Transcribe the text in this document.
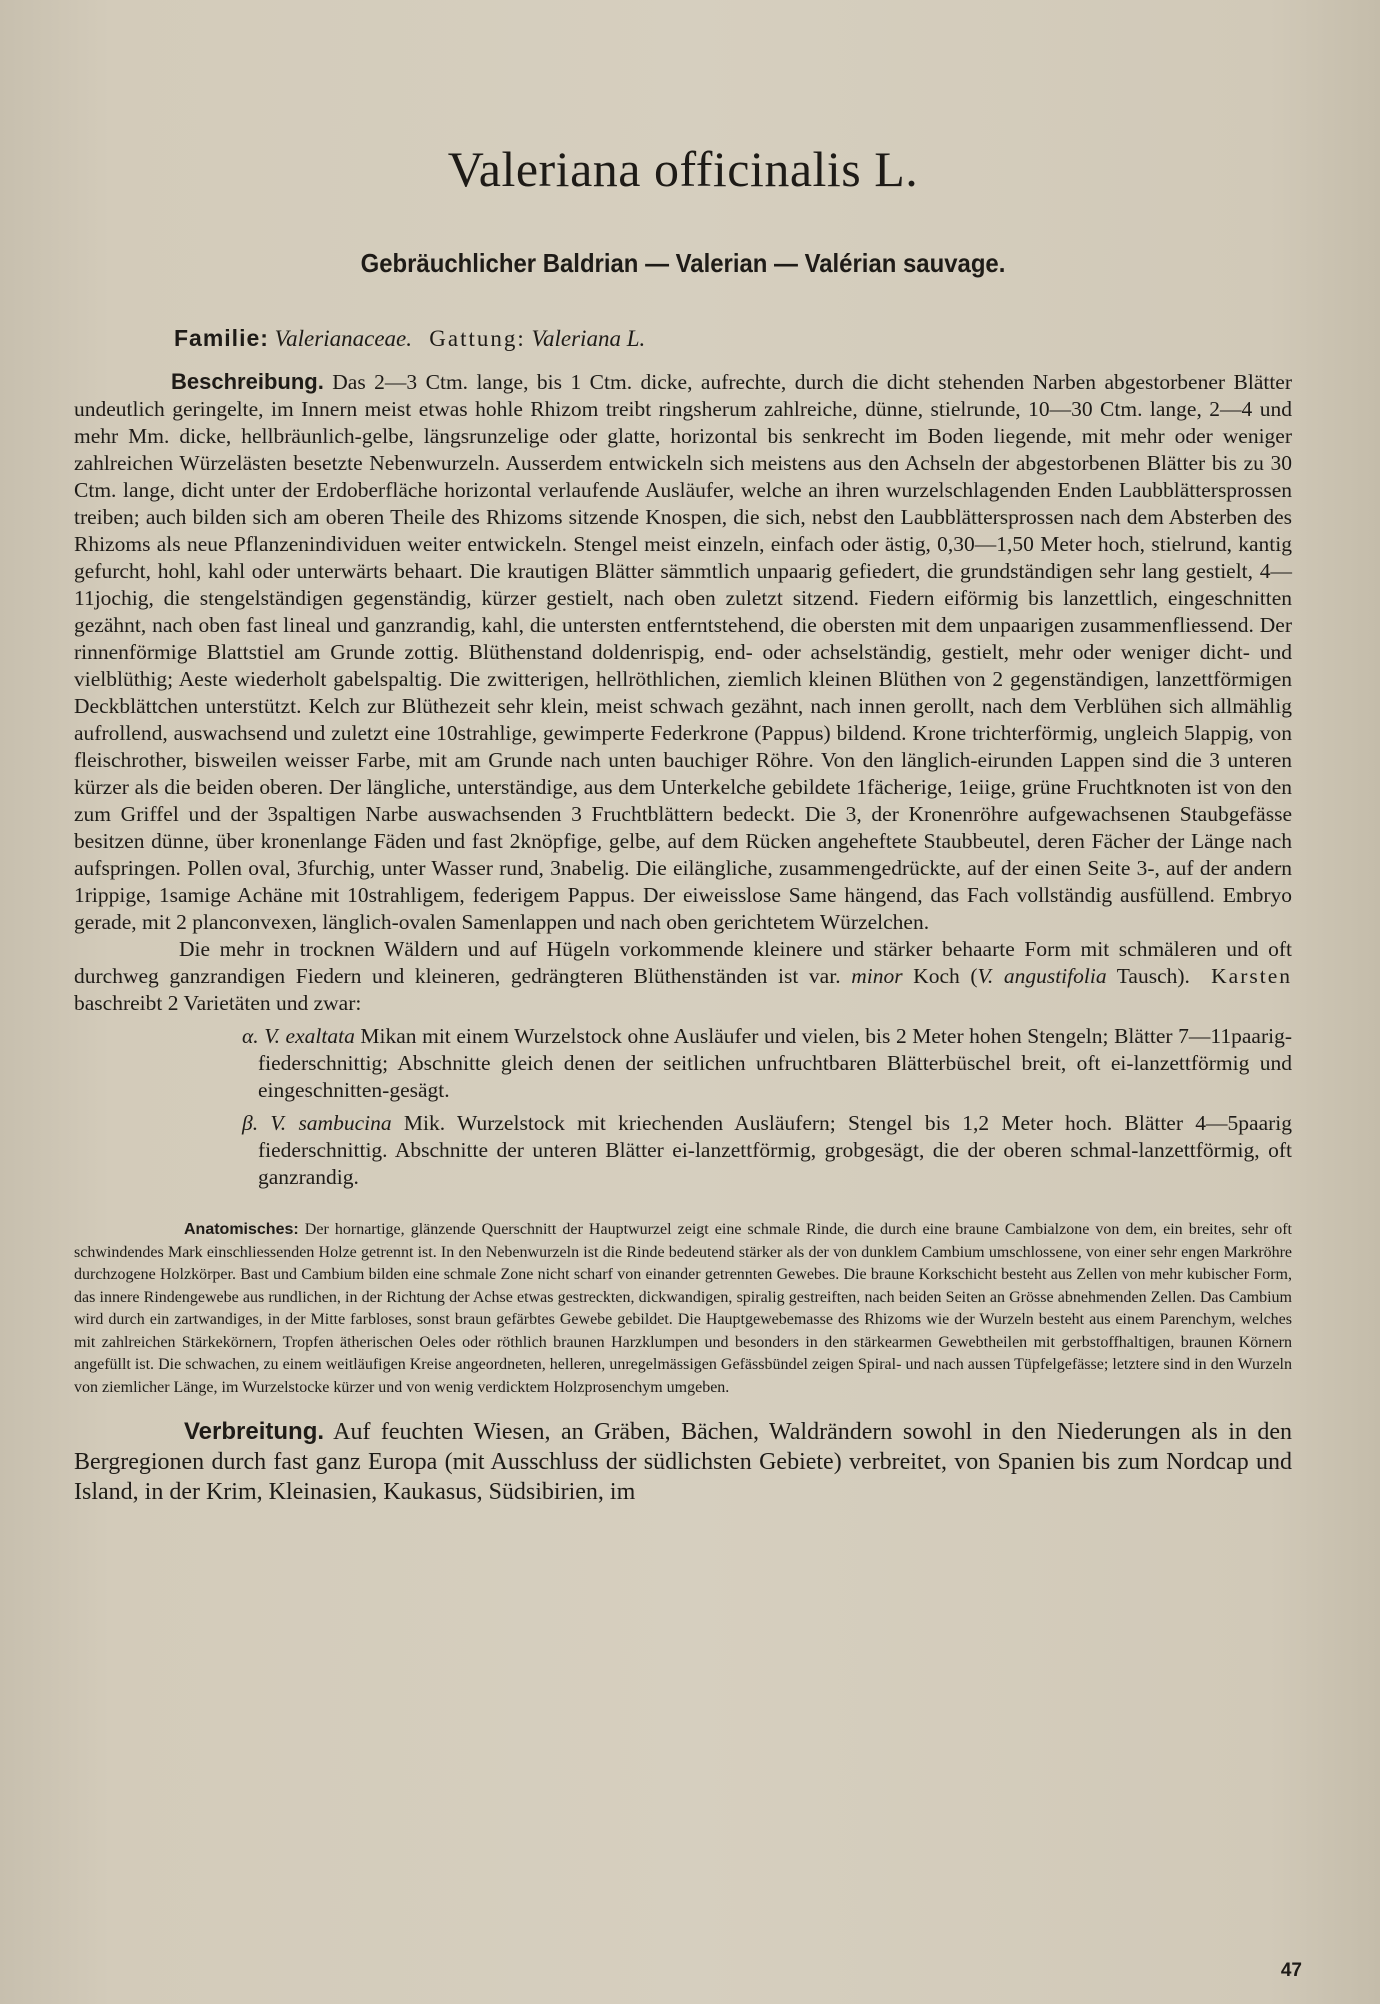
Valeriana officinalis L.
Gebräuchlicher Baldrian — Valerian — Valérian sauvage.
Familie: Valerianaceae. Gattung: Valeriana L.

Beschreibung. Das 2—3 Ctm. lange, bis 1 Ctm. dicke, aufrechte, durch die dicht stehenden Narben abgestorbener Blätter undeutlich geringelte, im Innern meist etwas hohle Rhizom treibt ringsherum zahlreiche, dünne, stielrunde, 10—30 Ctm. lange, 2—4 und mehr Mm. dicke, hellbräunlich-gelbe, längsrunzelige oder glatte, horizontal bis senkrecht im Boden liegende, mit mehr oder weniger zahlreichen Würzelästen besetzte Nebenwurzeln. Ausserdem entwickeln sich meistens aus den Achseln der abgestorbenen Blätter bis zu 30 Ctm. lange, dicht unter der Erdoberfläche horizontal verlaufende Ausläufer, welche an ihren wurzelschlagenden Enden Laubblättersprossen treiben; auch bilden sich am oberen Theile des Rhizoms sitzende Knospen, die sich, nebst den Laubblättersprossen nach dem Absterben des Rhizoms als neue Pflanzenindividuen weiter entwickeln. Stengel meist einzeln, einfach oder ästig, 0,30—1,50 Meter hoch, stielrund, kantig gefurcht, hohl, kahl oder unterwärts behaart. Die krautigen Blätter sämmtlich unpaarig gefiedert, die grundständigen sehr lang gestielt, 4—11jochig, die stengelständigen gegenständig, kürzer gestielt, nach oben zuletzt sitzend. Fiedern eiförmig bis lanzettlich, eingeschnitten gezähnt, nach oben fast lineal und ganzrandig, kahl, die untersten entferntstehend, die obersten mit dem unpaarigen zusammenfliessend. Der rinnenförmige Blattstiel am Grunde zottig. Blüthenstand doldenrispig, end- oder achselständig, gestielt, mehr oder weniger dicht- und vielblüthig; Aeste wiederholt gabelspaltig. Die zwitterigen, hellröthlichen, ziemlich kleinen Blüthen von 2 gegenständigen, lanzettförmigen Deckblättchen unterstützt. Kelch zur Blüthezeit sehr klein, meist schwach gezähnt, nach innen gerollt, nach dem Verblühen sich allmählig aufrollend, auswachsend und zuletzt eine 10strahlige, gewimperte Federkrone (Pappus) bildend. Krone trichterförmig, ungleich 5lappig, von fleischrother, bisweilen weisser Farbe, mit am Grunde nach unten bauchiger Röhre. Von den länglich-eirunden Lappen sind die 3 unteren kürzer als die beiden oberen. Der längliche, unterständige, aus dem Unterkelche gebildete 1fächerige, 1eiige, grüne Fruchtknoten ist von den zum Griffel und der 3spaltigen Narbe auswachsenden 3 Fruchtblättern bedeckt. Die 3, der Kronenröhre aufgewachsenen Staubgefässe besitzen dünne, über kronenlange Fäden und fast 2knöpfige, gelbe, auf dem Rücken angeheftete Staubbeutel, deren Fächer der Länge nach aufspringen. Pollen oval, 3furchig, unter Wasser rund, 3nabelig. Die eilängliche, zusammengedrückte, auf der einen Seite 3-, auf der andern 1rippige, 1samige Achäne mit 10strahligem, federigem Pappus. Der eiweisslose Same hängend, das Fach vollständig ausfüllend. Embryo gerade, mit 2 planconvexen, länglich-ovalen Samenlappen und nach oben gerichtetem Würzelchen.

Die mehr in trocknen Wäldern und auf Hügeln vorkommende kleinere und stärker behaarte Form mit schmäleren und oft durchweg ganzrandigen Fiedern und kleineren, gedrängteren Blüthenständen ist var. minor Koch (V. angustifolia Tausch). Karsten baschreibt 2 Varietäten und zwar:

α. V. exaltata Mikan mit einem Wurzelstock ohne Ausläufer und vielen, bis 2 Meter hohen Stengeln; Blätter 7—11paarig-fiederschnittig; Abschnitte gleich denen der seitlichen unfruchtbaren Blätterbüschel breit, oft ei-lanzettförmig und eingeschnitten-gesägt.

β. V. sambucina Mik. Wurzelstock mit kriechenden Ausläufern; Stengel bis 1,2 Meter hoch. Blätter 4—5paarig fiederschnittig. Abschnitte der unteren Blätter ei-lanzettförmig, grobgesägt, die der oberen schmal-lanzettförmig, oft ganzrandig.

Anatomisches: Der hornartige, glänzende Querschnitt der Hauptwurzel zeigt eine schmale Rinde, die durch eine braune Cambialzone von dem, ein breites, sehr oft schwindendes Mark einschliessenden Holze getrennt ist. In den Nebenwurzeln ist die Rinde bedeutend stärker als der von dunklem Cambium umschlossene, von einer sehr engen Markröhre durchzogene Holzkörper. Bast und Cambium bilden eine schmale Zone nicht scharf von einander getrennten Gewebes. Die braune Korkschicht besteht aus Zellen von mehr kubischer Form, das innere Rindengewebe aus rundlichen, in der Richtung der Achse etwas gestreckten, dickwandigen, spiralig gestreiften, nach beiden Seiten an Grösse abnehmenden Zellen. Das Cambium wird durch ein zartwandiges, in der Mitte farbloses, sonst braun gefärbtes Gewebe gebildet. Die Hauptgewebemasse des Rhizoms wie der Wurzeln besteht aus einem Parenchym, welches mit zahlreichen Stärkekörnern, Tropfen ätherischen Oeles oder röthlich braunen Harzklumpen und besonders in den stärkearmen Gewebtheilen mit gerbstoffhaltigen, braunen Körnern angefüllt ist. Die schwachen, zu einem weitläufigen Kreise angeordneten, helleren, unregelmässigen Gefässbündel zeigen Spiral- und nach aussen Tüpfelgefässe; letztere sind in den Wurzeln von ziemlicher Länge, im Wurzelstocke kürzer und von wenig verdicktem Holzprosenchym umgeben.

Verbreitung. Auf feuchten Wiesen, an Gräben, Bächen, Waldrändern sowohl in den Niederungen als in den Bergregionen durch fast ganz Europa (mit Ausschluss der südlichsten Gebiete) verbreitet, von Spanien bis zum Nordcap und Island, in der Krim, Kleinasien, Kaukasus, Südsibirien, im

47
